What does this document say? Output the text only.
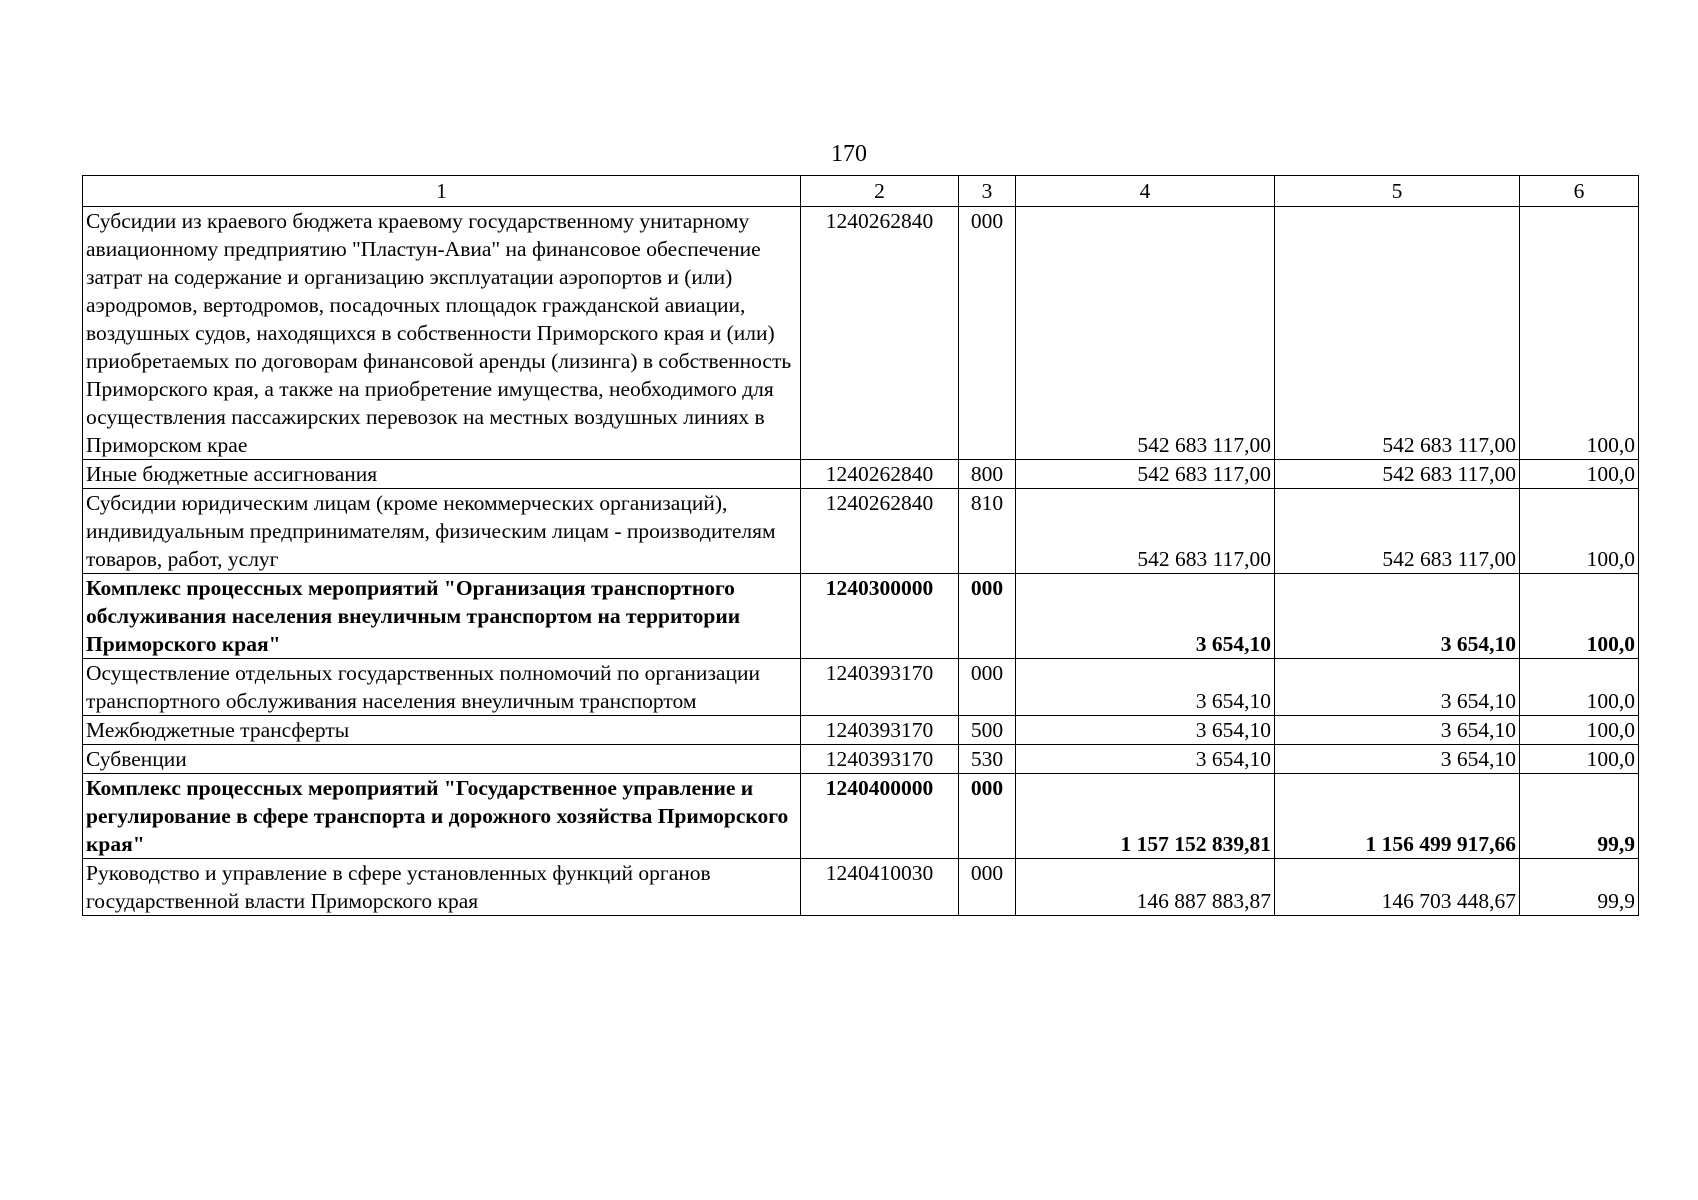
170
1	2	3	4	5	6
Субсидии из краевого бюджета краевому государственному унитарному авиационному предприятию "Пластун-Авиа" на финансовое обеспечение затрат на содержание и организацию эксплуатации аэропортов и (или) аэродромов, вертодромов, посадочных площадок гражданской авиации, воздушных судов, находящихся в собственности Приморского края и (или) приобретаемых по договорам финансовой аренды (лизинга) в собственность Приморского края, а также на приобретение имущества, необходимого для осуществления пассажирских перевозок на местных воздушных линиях в Приморском крае	1240262840	000	542 683 117,00	542 683 117,00	100,0
Иные бюджетные ассигнования	1240262840	800	542 683 117,00	542 683 117,00	100,0
Субсидии юридическим лицам (кроме некоммерческих организаций), индивидуальным предпринимателям, физическим лицам - производителям товаров, работ, услуг	1240262840	810	542 683 117,00	542 683 117,00	100,0
Комплекс процессных мероприятий "Организация транспортного обслуживания населения внеуличным транспортом на территории Приморского края"	1240300000	000	3 654,10	3 654,10	100,0
Осуществление отдельных государственных полномочий по организации транспортного обслуживания населения внеуличным транспортом	1240393170	000	3 654,10	3 654,10	100,0
Межбюджетные трансферты	1240393170	500	3 654,10	3 654,10	100,0
Субвенции	1240393170	530	3 654,10	3 654,10	100,0
Комплекс процессных мероприятий "Государственное управление и регулирование в сфере транспорта и дорожного хозяйства Приморского края"	1240400000	000	1 157 152 839,81	1 156 499 917,66	99,9
Руководство и управление в сфере установленных функций органов государственной власти Приморского края	1240410030	000	146 887 883,87	146 703 448,67	99,9
